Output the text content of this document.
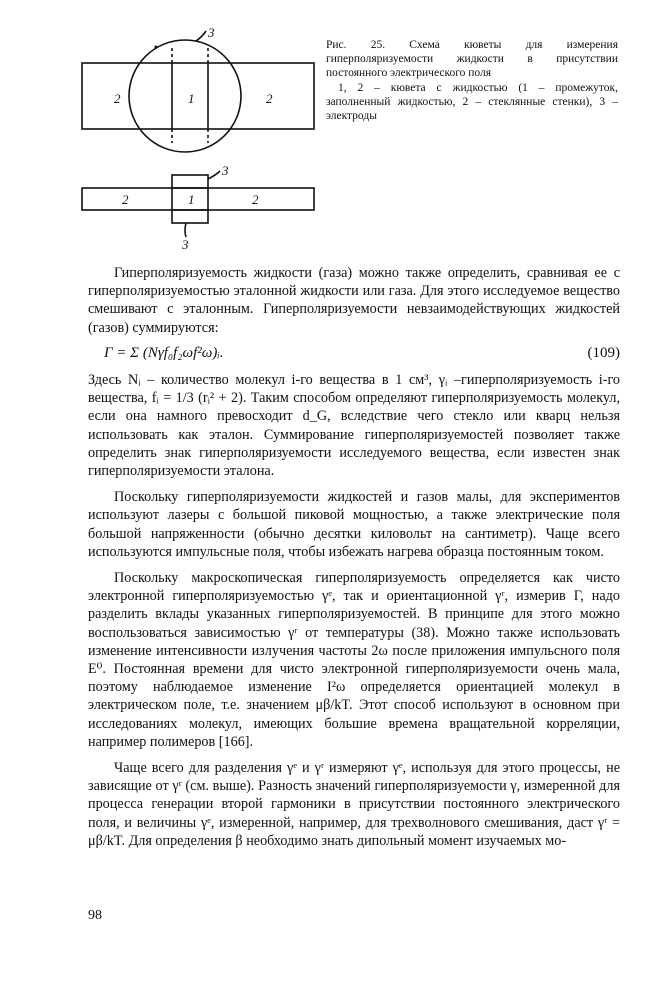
2	1	2
3
2	1	2
3
3
Рис. 25. Схема кюветы для измерения гиперполяризуемости жидкости в присутствии постоянного электрического поля
1, 2 – кювета с жидкостью (1 – промежуток, заполненный жидкостью, 2 – стеклянные стенки), 3 – электроды

Гиперполяризуемость жидкости (газа) можно также определить, сравнивая ее с гиперполяризуемостью эталонной жидкости или газа. Для этого исследуемое вещество смешивают с эталонным. Гиперполяризуемости невзаимодействующих жидкостей (газов) суммируются:

Γ = Σ (Nγf₀f₂ωf²ω)ᵢ.	(109)

Здесь Nᵢ – количество молекул i-го вещества в 1 см³, γᵢ –гиперполяризуемость i-го вещества, fᵢ = 1/3 (rᵢ² + 2). Таким способом определяют гиперполяризуемость молекул, если она намного превосходит d_G, вследствие чего стекло или кварц нельзя использовать как эталон. Суммирование гиперполяризуемостей позволяет также определить знак гиперполяризуемости исследуемого вещества, если известен знак гиперполяризуемости эталона.

Поскольку гиперполяризуемости жидкостей и газов малы, для экспериментов используют лазеры с большой пиковой мощностью, а также электрические поля большой напряженности (обычно десятки киловольт на сантиметр). Чаще всего используются импульсные поля, чтобы избежать нагрева образца постоянным током.

Поскольку макроскопическая гиперполяризуемость определяется как чисто электронной гиперполяризуемостью γᵉ, так и ориентационной γʳ, измерив Γ, надо разделить вклады указанных гиперполяризуемостей. В принципе для этого можно воспользоваться зависимостью γʳ от температуры (38). Можно также использовать изменение интенсивности излучения частоты 2ω после приложения импульсного поля E⁰. Постоянная времени для чисто электронной гиперполяризуемости очень мала, поэтому наблюдаемое изменение I²ω определяется ориентацией молекул в электрическом поле, т.е. значением μβ/kT. Этот способ используют в основном при исследованиях молекул, имеющих большие времена вращательной корреляции, например полимеров [166].

Чаще всего для разделения γᵉ и γʳ измеряют γᵉ, используя для этого процессы, не зависящие от γʳ (см. выше). Разность значений гиперполяризуемости γ, измеренной для процесса генерации второй гармоники в присутствии постоянного электрического поля, и величины γᵉ, измеренной, например, для трехволнового смешивания, даст γʳ = μβ/kT. Для определения β необходимо знать дипольный момент изучаемых мо-

98
